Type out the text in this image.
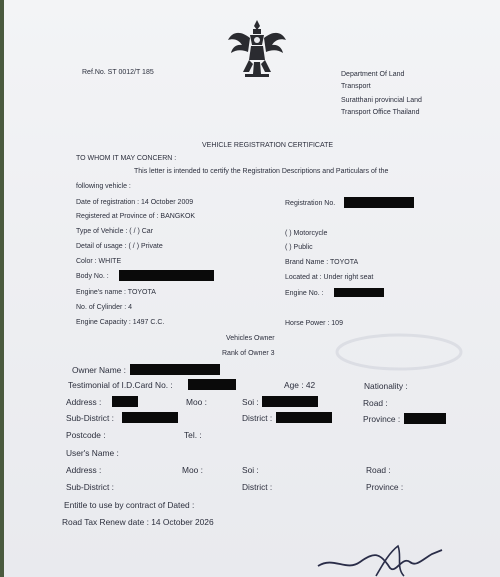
Ref.No. ST 0012/T 185	Department Of Land
Transport
Suratthani provincial Land
Transport Office Thailand
VEHICLE REGISTRATION CERTIFICATE
TO WHOM IT MAY CONCERN :
This letter is intended to certify the Registration Descriptions and Particulars of the
following vehicle :
Date of registration : 14 October 2009	Registration No.
Registered at Province of : BANGKOK
Type of Vehicle : ( / ) Car	( ) Motorcycle
Detail of usage : ( / ) Private	( ) Public
Color : WHITE	Brand Name : TOYOTA
Body No. :	Located at : Under right seat
Engine's name : TOYOTA	Engine No. :
No. of Cylinder : 4
Engine Capacity : 1497 C.C.	Horse Power : 109
Vehicles Owner
Rank of Owner 3
Owner Name :
Testimonial of I.D.Card No. :	Age : 42	Nationality :
Address :	Moo :	Soi :	Road :
Sub-District :	District :	Province :
Postcode :	Tel. :
User's Name :
Address :	Moo :	Soi :	Road :
Sub-District :	District :	Province :
Entitle to use by contract of Dated :
Road Tax Renew date : 14 October 2026
